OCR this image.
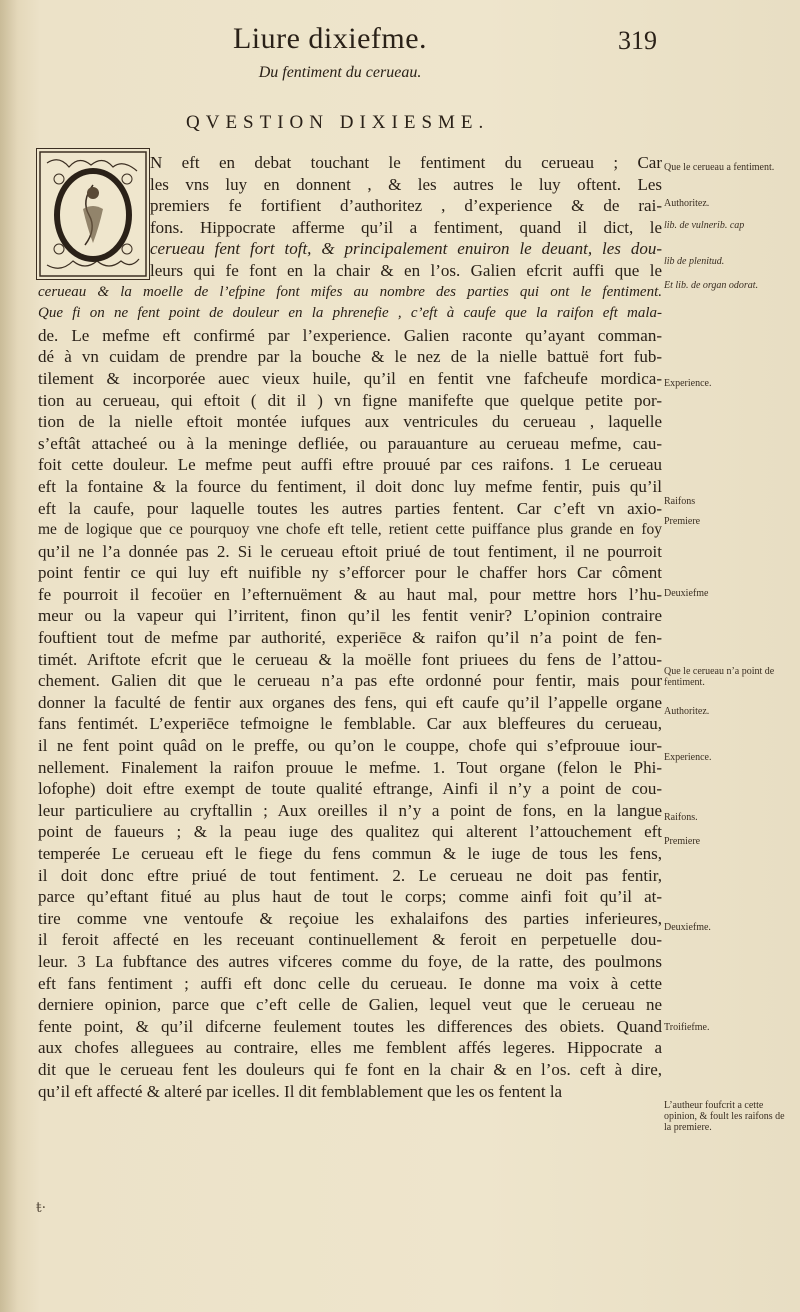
Liure dixiefme.	319
Du fentiment du cerueau.
QVESTION DIXIESME.
N eft en debat touchant le fentiment du cerueau ; Car
les vns luy en donnent , & les autres le luy oftent. Les
premiers fe fortifient d’authoritez , d’experience & de rai-
fons. Hippocrate afferme qu’il a fentiment, quand il dict, le
cerueau fent fort toft, & principalement enuiron le deuant, les dou-
leurs qui fe font en la chair & en l’os. Galien efcrit auffi que le
cerueau & la moelle de l’efpine font mifes au nombre des parties qui ont le fentiment.
Que fi on ne fent point de douleur en la phrenefie , c’eft à caufe que la raifon eft mala-
de. Le mefme eft confirmé par l’experience. Galien raconte qu’ayant comman-
dé à vn cuidam de prendre par la bouche & le nez de la nielle battuë fort fub-
tilement & incorporée auec vieux huile, qu’il en fentit vne fafcheufe mordica-
tion au cerueau, qui eftoit ( dit il ) vn figne manifefte que quelque petite por-
tion de la nielle eftoit montée iufques aux ventricules du cerueau , laquelle
s’eftât attacheé ou à la meninge defliée, ou parauanture au cerueau mefme, cau-
foit cette douleur. Le mefme peut auffi eftre prouué par ces raifons. 1 Le cerueau
eft la fontaine & la fource du fentiment, il doit donc luy mefme fentir, puis qu’il
eft la caufe, pour laquelle toutes les autres parties fentent. Car c’eft vn axio-
me de logique que ce pourquoy vne chofe eft telle, retient cette puiffance plus grande en foy
qu’il ne l’a donnée pas 2. Si le cerueau eftoit priué de tout fentiment, il ne pourroit
point fentir ce qui luy eft nuifible ny s’efforcer pour le chaffer hors Car côment
fe pourroit il fecoüer en l’efternuëment & au haut mal, pour mettre hors l’hu-
meur ou la vapeur qui l’irritent, finon qu’il les fentit venir? L’opinion contraire
fouftient tout de mefme par authorité, experiēce & raifon qu’il n’a point de fen-
timét. Ariftote efcrit que le cerueau & la moëlle font priuees du fens de l’attou-
chement. Galien dit que le cerueau n’a pas efte ordonné pour fentir, mais pour
donner la faculté de fentir aux organes des fens, qui eft caufe qu’il l’appelle organe
fans fentimét. L’experiēce tefmoigne le femblable. Car aux bleffeures du cerueau,
il ne fent point quâd on le preffe, ou qu’on le couppe, chofe qui s’efprouue iour-
nellement. Finalement la raifon prouue le mefme. 1. Tout organe (felon le Phi-
lofophe) doit eftre exempt de toute qualité eftrange, Ainfi il n’y a point de cou-
leur particuliere au cryftallin ; Aux oreilles il n’y a point de fons, en la langue
point de faueurs ; & la peau iuge des qualitez qui alterent l’attouchement eft
temperée Le cerueau eft le fiege du fens commun & le iuge de tous les fens,
il doit donc eftre priué de tout fentiment. 2. Le cerueau ne doit pas fentir,
parce qu’eftant fitué au plus haut de tout le corps; comme ainfi foit qu’il at-
tire comme vne ventoufe & reçoiue les exhalaifons des parties inferieures,
il feroit affecté en les receuant continuellement & feroit en perpetuelle dou-
leur. 3 La fubftance des autres vifceres comme du foye, de la ratte, des poulmons
eft fans fentiment ; auffi eft donc celle du cerueau. Ie donne ma voix à cette
derniere opinion, parce que c’eft celle de Galien, lequel veut que le cerueau ne
fente point, & qu’il difcerne feulement toutes les differences des obiets. Quand
aux chofes alleguees au contraire, elles me femblent affés legeres. Hippocrate a
dit que le cerueau fent les douleurs qui fe font en la chair & en l’os. ceft à dire,
qu’il eft affecté & alteré par icelles. Il dit femblablement que les os fentent la
Que le cerueau a fentiment.
Authoritez.
lib. de vulnerib. cap
lib de plenitud.
Et lib. de organ odorat.
Experience.
Raifons
Premiere
Deuxiefme
Que le cerueau n’a point de fentiment.
Authoritez.
Experience.
Raifons.
Premiere
Deuxiefme.
Troifiefme.
L’autheur foufcrit a cette opinion, & foult les raifons de la premiere.
ŧ·
